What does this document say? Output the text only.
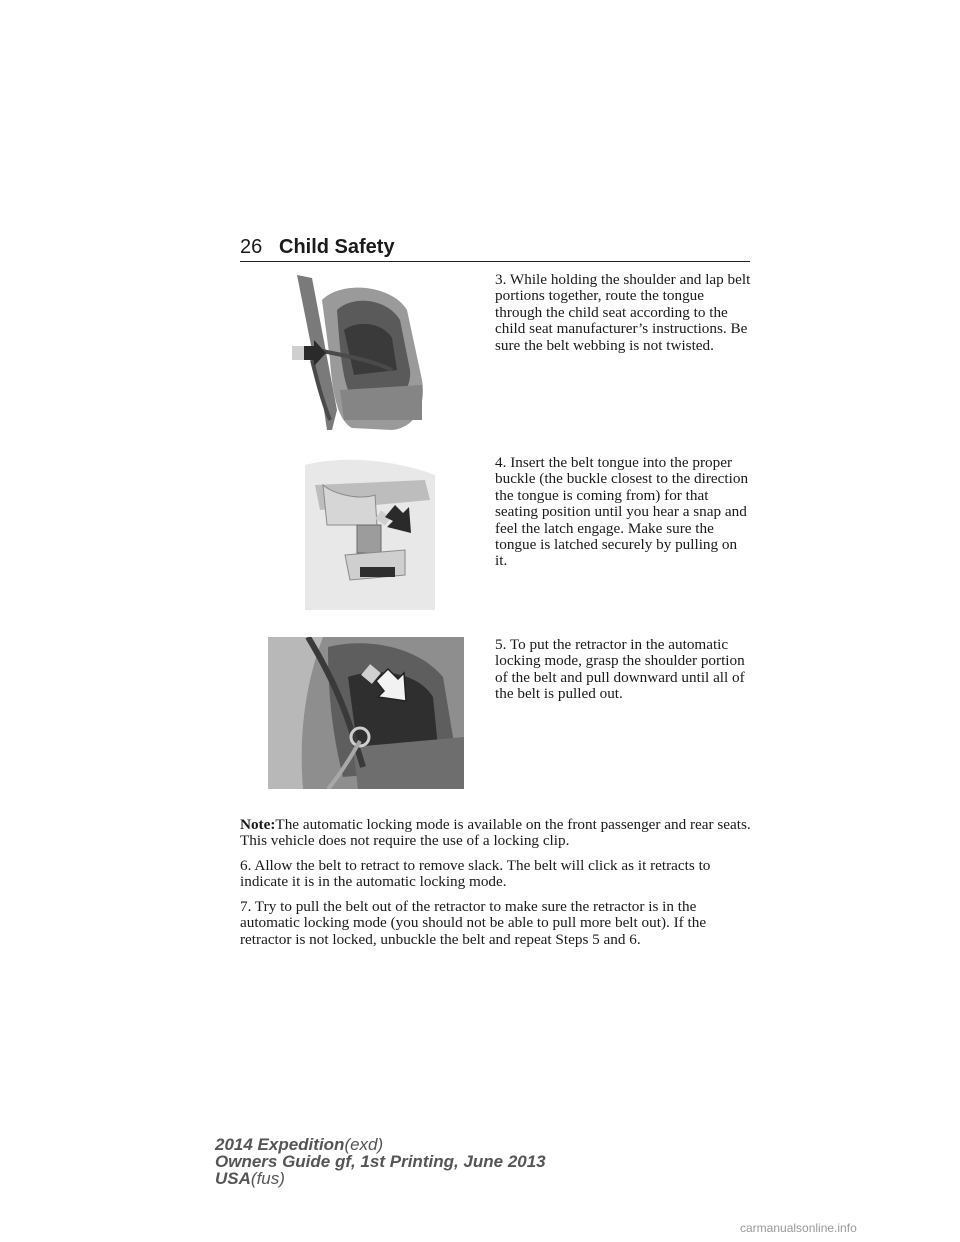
26 Child Safety
3. While holding the shoulder and lap belt portions together, route the tongue through the child seat according to the child seat manufacturer’s instructions. Be sure the belt webbing is not twisted.
4. Insert the belt tongue into the proper buckle (the buckle closest to the direction the tongue is coming from) for that seating position until you hear a snap and feel the latch engage. Make sure the tongue is latched securely by pulling on it.
5. To put the retractor in the automatic locking mode, grasp the shoulder portion of the belt and pull downward until all of the belt is pulled out.
Note:The automatic locking mode is available on the front passenger and rear seats. This vehicle does not require the use of a locking clip.
6. Allow the belt to retract to remove slack. The belt will click as it retracts to indicate it is in the automatic locking mode.
7. Try to pull the belt out of the retractor to make sure the retractor is in the automatic locking mode (you should not be able to pull more belt out). If the retractor is not locked, unbuckle the belt and repeat Steps 5 and 6.
2014 Expedition(exd)
Owners Guide gf, 1st Printing, June 2013
USA(fus)
carmanualsonline.info
